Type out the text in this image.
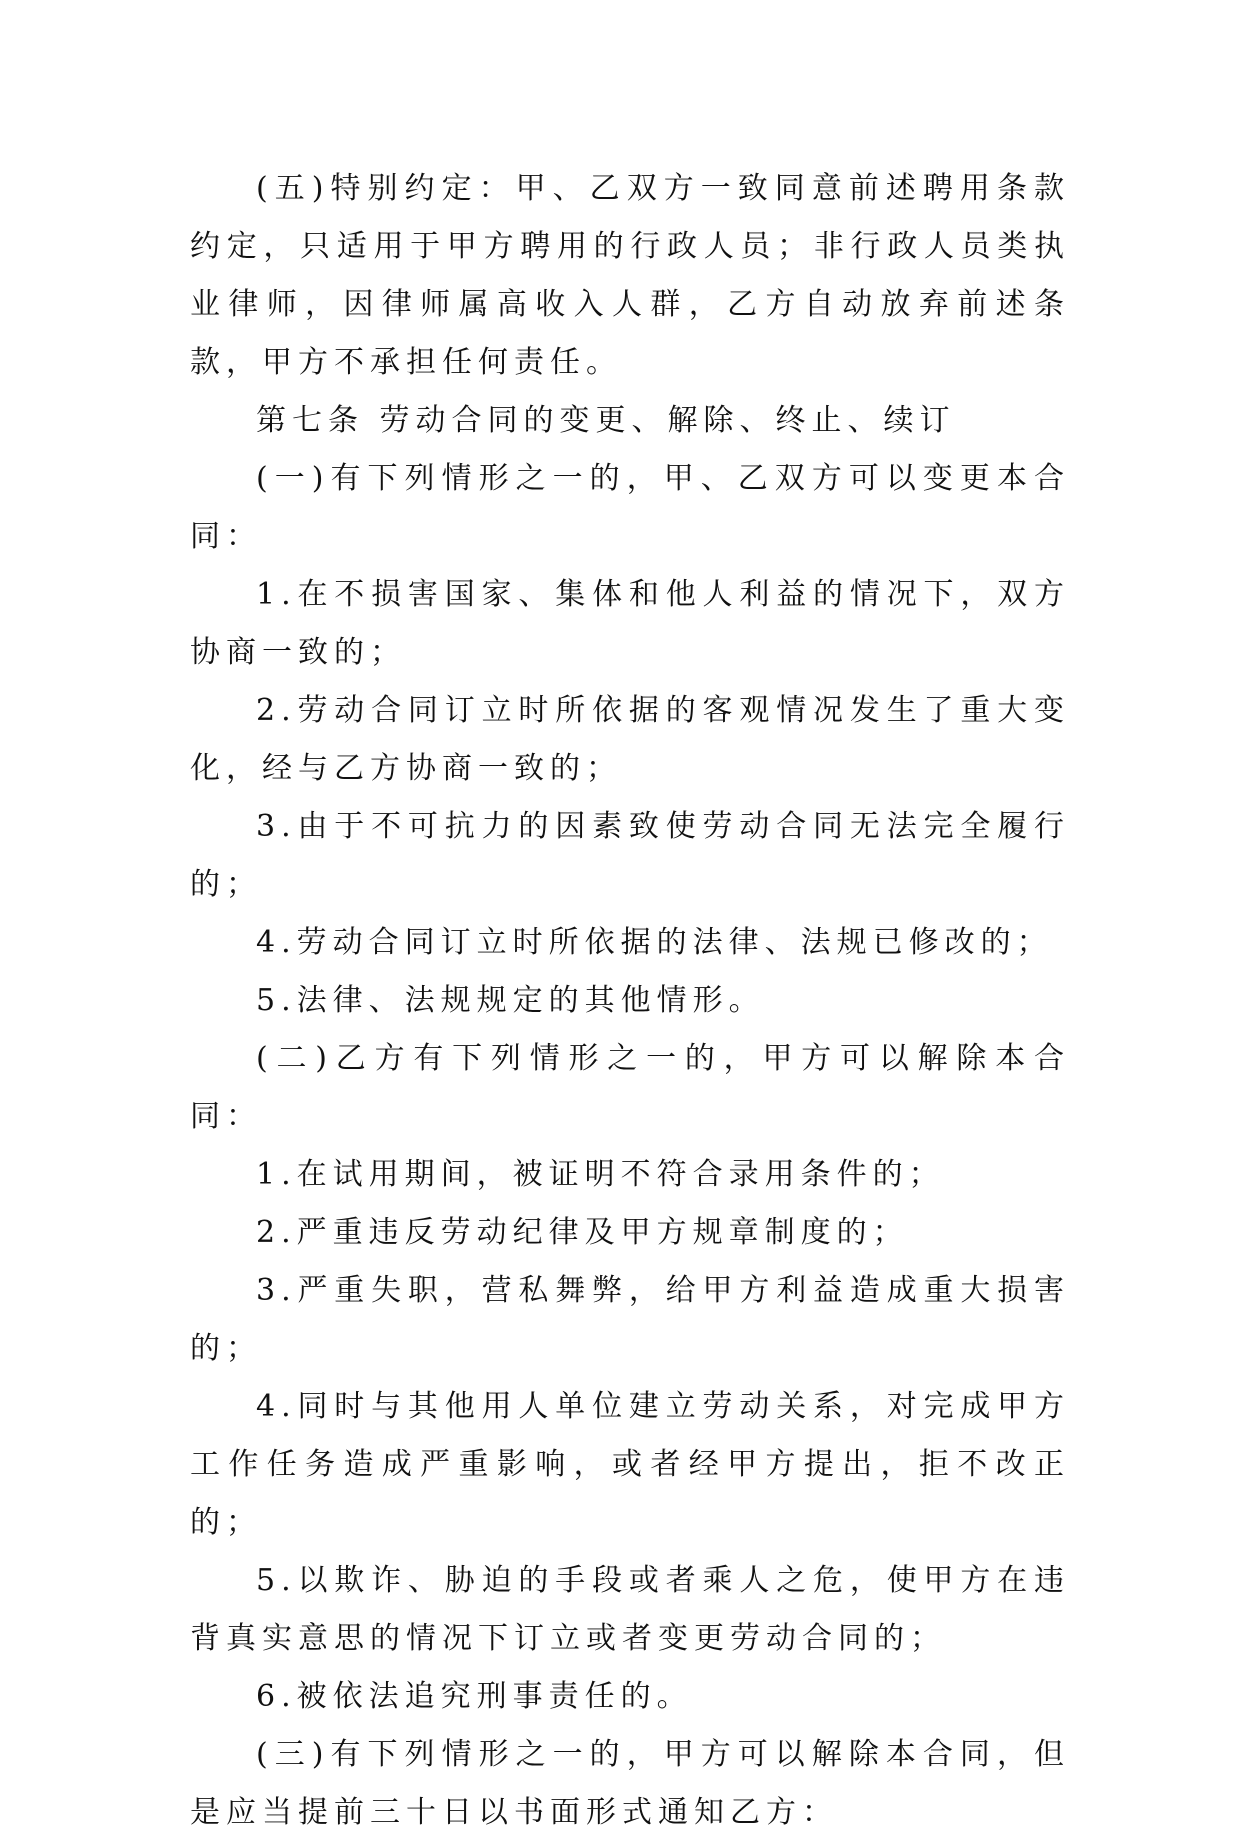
(五)特别约定：甲、乙双方一致同意前述聘用条款约定，只适用于甲方聘用的行政人员；非行政人员类执业律师，因律师属高收入人群，乙方自动放弃前述条款，甲方不承担任何责任。

第七条 劳动合同的变更、解除、终止、续订

(一)有下列情形之一的，甲、乙双方可以变更本合同：

1.在不损害国家、集体和他人利益的情况下，双方协商一致的；

2.劳动合同订立时所依据的客观情况发生了重大变化，经与乙方协商一致的；

3.由于不可抗力的因素致使劳动合同无法完全履行的；

4.劳动合同订立时所依据的法律、法规已修改的；

5.法律、法规规定的其他情形。

(二)乙方有下列情形之一的，甲方可以解除本合同：

1.在试用期间，被证明不符合录用条件的；

2.严重违反劳动纪律及甲方规章制度的；

3.严重失职，营私舞弊，给甲方利益造成重大损害的；

4.同时与其他用人单位建立劳动关系，对完成甲方工作任务造成严重影响，或者经甲方提出，拒不改正的；

5.以欺诈、胁迫的手段或者乘人之危，使甲方在违背真实意思的情况下订立或者变更劳动合同的；

6.被依法追究刑事责任的。

(三)有下列情形之一的，甲方可以解除本合同，但是应当提前三十日以书面形式通知乙方：
